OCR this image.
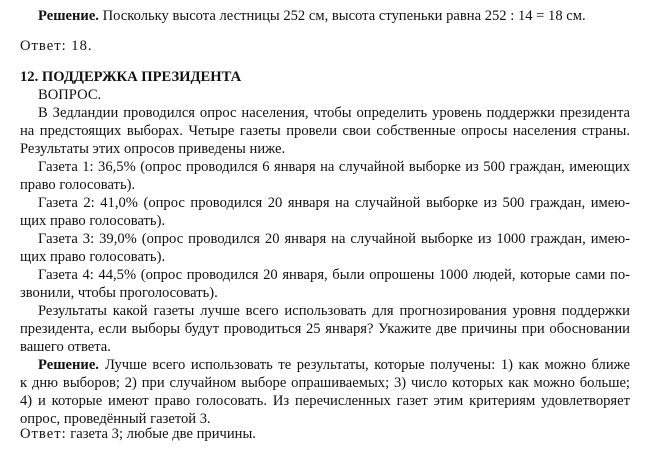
Решение. Поскольку высота лестницы 252 см, высота ступеньки равна 252 : 14 = 18 см.
Ответ: 18.
12. ПОДДЕРЖКА ПРЕЗИДЕНТА
ВОПРОС.
В Зедландии проводился опрос населения, чтобы определить уровень поддержки президента
на предстоящих выборах. Четыре газеты провели свои собственные опросы населения страны.
Результаты этих опросов приведены ниже.
Газета 1: 36,5% (опрос проводился 6 января на случайной выборке из 500 граждан, имеющих
право голосовать).
Газета 2: 41,0% (опрос проводился 20 января на случайной выборке из 500 граждан, имею-
щих право голосовать).
Газета 3: 39,0% (опрос проводился 20 января на случайной выборке из 1000 граждан, имею-
щих право голосовать).
Газета 4: 44,5% (опрос проводился 20 января, были опрошены 1000 людей, которые сами по-
звонили, чтобы проголосовать).
Результаты какой газеты лучше всего использовать для прогнозирования уровня поддержки
президента, если выборы будут проводиться 25 января? Укажите две причины при обосновании
вашего ответа.
Решение. Лучше всего использовать те результаты, которые получены: 1) как можно ближе
к дню выборов; 2) при случайном выборе опрашиваемых; 3) число которых как можно больше;
4) и которые имеют право голосовать. Из перечисленных газет этим критериям удовлетворяет
опрос, проведённый газетой 3.
Ответ: газета 3; любые две причины.
